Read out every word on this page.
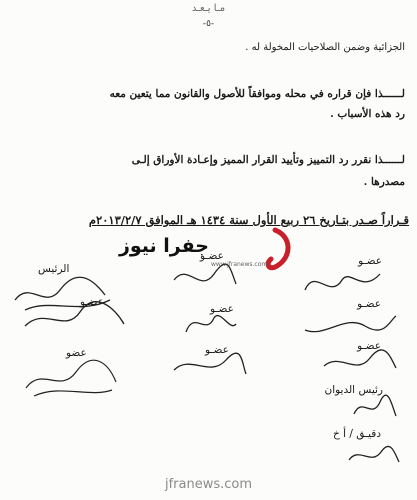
مـا يـعـد
-٥-
الجزائية وضمن الصلاحيات المخولة له .
لــــــذا فإن قراره في محله وموافقاً للأصول والقانون مما يتعين معه
رد هذه الأسباب .
لــــــذا نقرر رد التمييز وتأييد القرار المميز وإعـادة الأوراق إلـى
مصدرها .
قـراراً صـدر بتـاريخ ٢٦ ربيع الأول سنة ١٤٣٤ هـ الموافق ٢٠١٣/٢/٧م
جفرا نيوز
www.jfranews.com
الرئيس
عضـو
عضـو
عضـو
عضـو
عضـو
عضـو
عضـو
عضو
رئيس الديوان
دقيـق / أ خ
jfranews.com
